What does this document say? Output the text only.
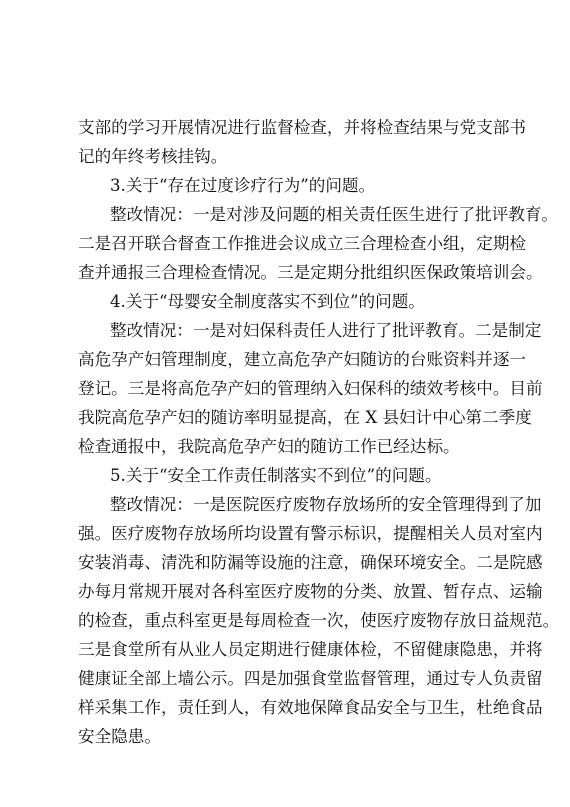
支部的学习开展情况进行监督检查，并将检查结果与党支部书
记的年终考核挂钩。
3.关于“存在过度诊疗行为”的问题。
整改情况：一是对涉及问题的相关责任医生进行了批评教育。
二是召开联合督查工作推进会议成立三合理检查小组，定期检
查并通报三合理检查情况。三是定期分批组织医保政策培训会。
4.关于“母婴安全制度落实不到位”的问题。
整改情况：一是对妇保科责任人进行了批评教育。二是制定
高危孕产妇管理制度，建立高危孕产妇随访的台账资料并逐一
登记。三是将高危孕产妇的管理纳入妇保科的绩效考核中。目前
我院高危孕产妇的随访率明显提高，在 X 县妇计中心第二季度
检查通报中，我院高危孕产妇的随访工作已经达标。
5.关于“安全工作责任制落实不到位”的问题。
整改情况：一是医院医疗废物存放场所的安全管理得到了加
强。医疗废物存放场所均设置有警示标识，提醒相关人员对室内
安装消毒、清洗和防漏等设施的注意，确保环境安全。二是院感
办每月常规开展对各科室医疗废物的分类、放置、暂存点、运输
的检查，重点科室更是每周检查一次，使医疗废物存放日益规范。
三是食堂所有从业人员定期进行健康体检，不留健康隐患，并将
健康证全部上墙公示。四是加强食堂监督管理，通过专人负责留
样采集工作，责任到人，有效地保障食品安全与卫生，杜绝食品
安全隐患。
